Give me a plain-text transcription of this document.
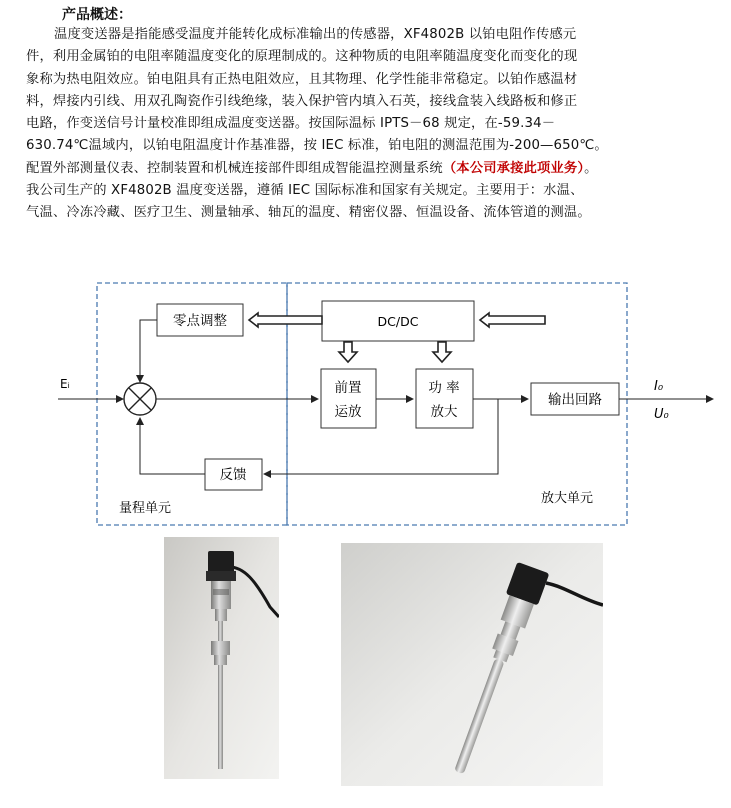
产品概述：
温度变送器是指能感受温度并能转化成标准输出的传感器，XF4802B 以铂电阻作传感元
件，利用金属铂的电阻率随温度变化的原理制成的。这种物质的电阻率随温度变化而变化的现
象称为热电阻效应。铂电阻具有正热电阻效应，且其物理、化学性能非常稳定。以铂作感温材
料，焊接内引线、用双孔陶瓷作引线绝缘，装入保护管内填入石英，接线盒装入线路板和修正
电路，作变送信号计量校准即组成温度变送器。按国际温标 IPTS－68 规定，在-59.34－
630.74℃温域内，以铂电阻温度计作基准器，按 IEC 标准，铂电阻的测温范围为-200—650℃。
配置外部测量仪表、控制装置和机械连接部件即组成智能温控测量系统（本公司承接此项业务）。
我公司生产的 XF4802B 温度变送器，遵循 IEC 国际标准和国家有关规定。主要用于：水温、
气温、冷冻冷藏、医疗卫生、测量轴承、轴瓦的温度、精密仪器、恒温设备、流体管道的测温。
零点调整	DC/DC
Eᵢ	前置
运放
功 率
放大
输出回路
I₀
U₀
反馈
量程单元
放大单元
